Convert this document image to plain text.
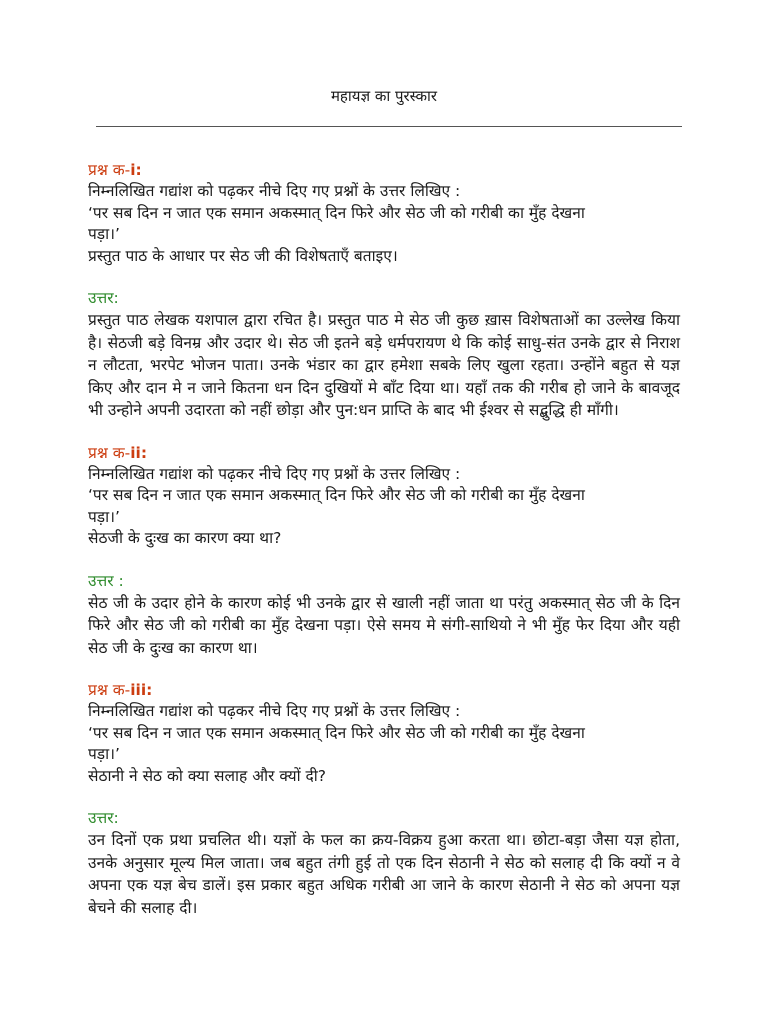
महायज्ञ का पुरस्कार
प्रश्न क-i:
निम्नलिखित गद्यांश को पढ़कर नीचे दिए गए प्रश्नों के उत्तर लिखिए :
‘पर सब दिन न जात एक समान अकस्मात् दिन फिरे और सेठ जी को गरीबी का मुँह देखना
पड़ा।’
प्रस्तुत पाठ के आधार पर सेठ जी की विशेषताएँ बताइए।
उत्तर:
प्रस्तुत पाठ लेखक यशपाल द्वारा रचित है। प्रस्तुत पाठ मे सेठ जी कुछ ख़ास विशेषताओं का उल्लेख किया है। सेठजी बड़े विनम्र और उदार थे। सेठ जी इतने बड़े धर्मपरायण थे कि कोई साधु-संत उनके द्वार से निराश न लौटता, भरपेट भोजन पाता। उनके भंडार का द्वार हमेशा सबके लिए खुला रहता। उन्होंने बहुत से यज्ञ किए और दान मे न जाने कितना धन दिन दुखियों मे बाँट दिया था। यहाँ तक की गरीब हो जाने के बावजूद भी उन्होने अपनी उदारता को नहीं छोड़ा और पुन:धन प्राप्ति के बाद भी ईश्वर से सद्बुद्धि ही माँगी।
प्रश्न क-ii:
निम्नलिखित गद्यांश को पढ़कर नीचे दिए गए प्रश्नों के उत्तर लिखिए :
‘पर सब दिन न जात एक समान अकस्मात् दिन फिरे और सेठ जी को गरीबी का मुँह देखना
पड़ा।’
सेठजी के दुःख का कारण क्या था?
उत्तर :
सेठ जी के उदार होने के कारण कोई भी उनके द्वार से खाली नहीं जाता था परंतु अकस्मात् सेठ जी के दिन फिरे और सेठ जी को गरीबी का मुँह देखना पड़ा। ऐसे समय मे संगी-साथियो ने भी मुँह फेर दिया और यही सेठ जी के दुःख का कारण था।
प्रश्न क-iii:
निम्नलिखित गद्यांश को पढ़कर नीचे दिए गए प्रश्नों के उत्तर लिखिए :
‘पर सब दिन न जात एक समान अकस्मात् दिन फिरे और सेठ जी को गरीबी का मुँह देखना
पड़ा।’
सेठानी ने सेठ को क्या सलाह और क्यों दी?
उत्तर:
उन दिनों एक प्रथा प्रचलित थी। यज्ञों के फल का क्रय-विक्रय हुआ करता था। छोटा-बड़ा जैसा यज्ञ होता, उनके अनुसार मूल्य मिल जाता। जब बहुत तंगी हुई तो एक दिन सेठानी ने सेठ को सलाह दी कि क्यों न वे अपना एक यज्ञ बेच डालें। इस प्रकार बहुत अधिक गरीबी आ जाने के कारण सेठानी ने सेठ को अपना यज्ञ बेचने की सलाह दी।
